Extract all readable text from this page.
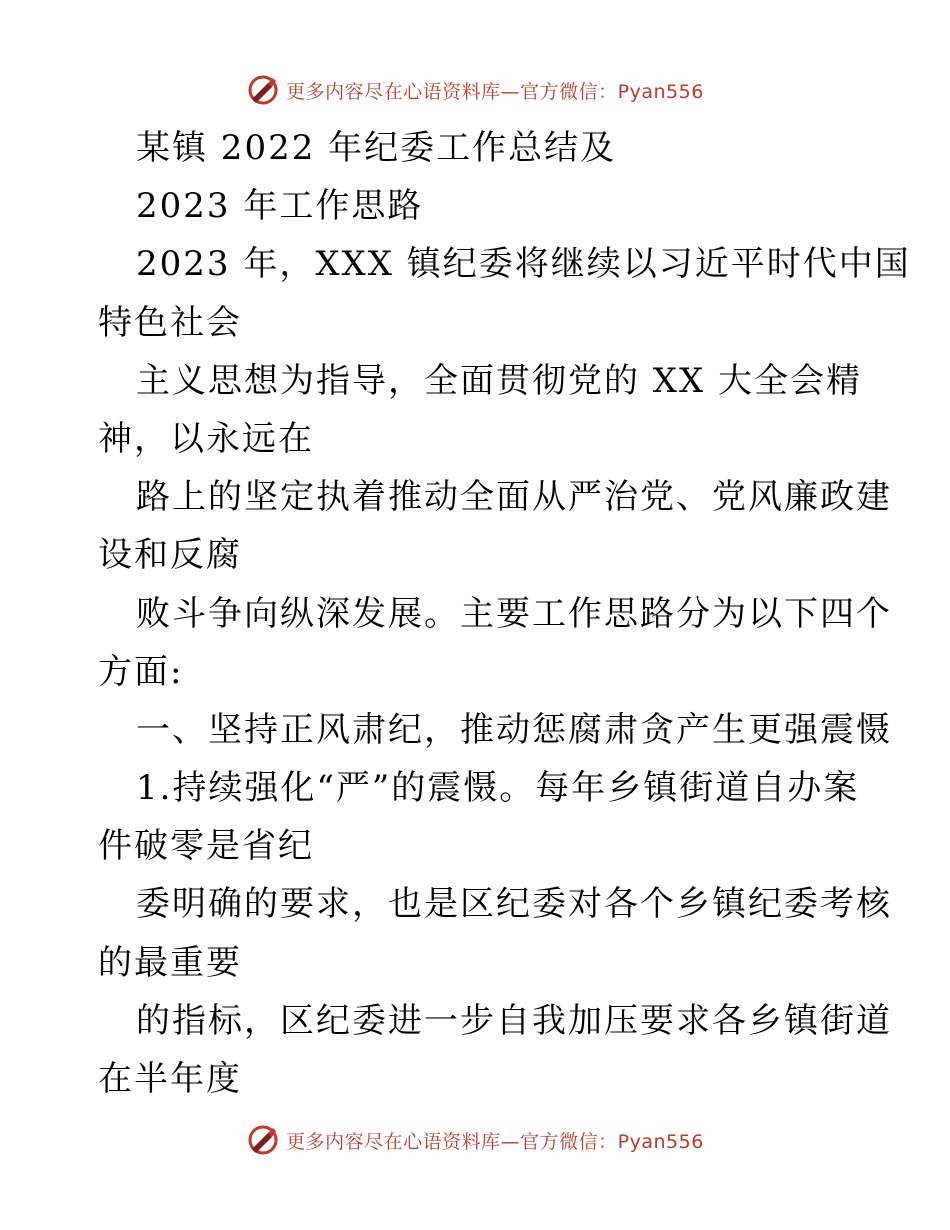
更多内容尽在心语资料库—官方微信：Pyan556
某镇 2022 年纪委工作总结及
2023 年工作思路
2023 年，XXX 镇纪委将继续以习近平时代中国
特色社会
主义思想为指导，全面贯彻党的 XX 大全会精
神，以永远在
路上的坚定执着推动全面从严治党、党风廉政建
设和反腐
败斗争向纵深发展。主要工作思路分为以下四个
方面:
一、坚持正风肃纪，推动惩腐肃贪产生更强震慑
1.持续强化“严”的震慑。每年乡镇街道自办案
件破零是省纪
委明确的要求，也是区纪委对各个乡镇纪委考核
的最重要
的指标，区纪委进一步自我加压要求各乡镇街道
在半年度
更多内容尽在心语资料库—官方微信：Pyan556
